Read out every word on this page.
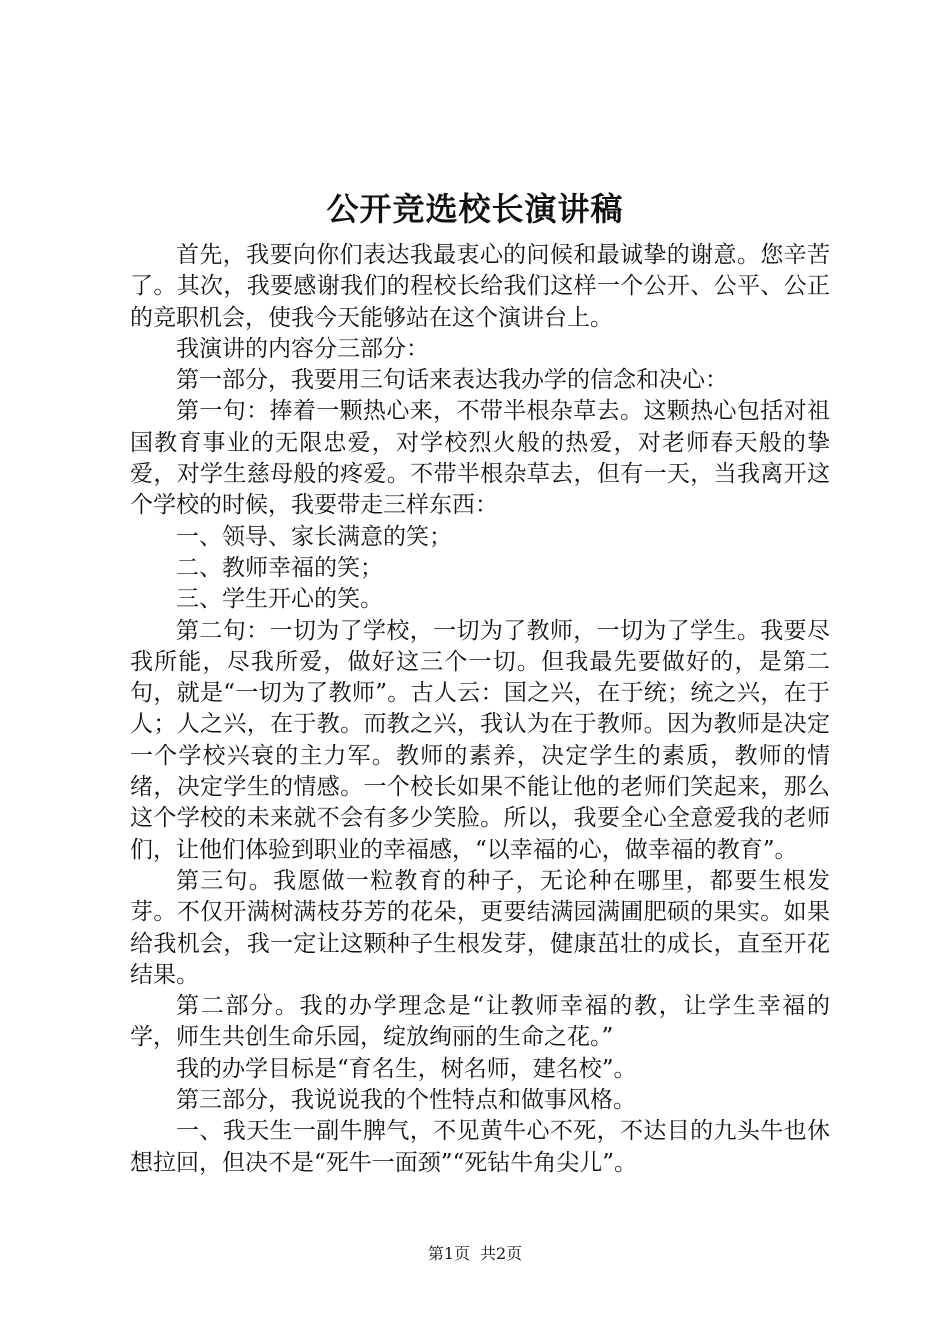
公开竞选校长演讲稿

首先，我要向你们表达我最衷心的问候和最诚挚的谢意。您辛苦了。其次，我要感谢我们的程校长给我们这样一个公开、公平、公正的竞职机会，使我今天能够站在这个演讲台上。

我演讲的内容分三部分：

第一部分，我要用三句话来表达我办学的信念和决心：

第一句：捧着一颗热心来，不带半根杂草去。这颗热心包括对祖国教育事业的无限忠爱，对学校烈火般的热爱，对老师春天般的挚爱，对学生慈母般的疼爱。不带半根杂草去，但有一天，当我离开这个学校的时候，我要带走三样东西：

一、领导、家长满意的笑；

二、教师幸福的笑；

三、学生开心的笑。

第二句：一切为了学校，一切为了教师，一切为了学生。我要尽我所能，尽我所爱，做好这三个一切。但我最先要做好的，是第二句，就是“一切为了教师”。古人云：国之兴，在于统；统之兴，在于人；人之兴，在于教。而教之兴，我认为在于教师。因为教师是决定一个学校兴衰的主力军。教师的素养，决定学生的素质，教师的情绪，决定学生的情感。一个校长如果不能让他的老师们笑起来，那么这个学校的未来就不会有多少笑脸。所以，我要全心全意爱我的老师们，让他们体验到职业的幸福感，“以幸福的心，做幸福的教育”。

第三句。我愿做一粒教育的种子，无论种在哪里，都要生根发芽。不仅开满树满枝芬芳的花朵，更要结满园满圃肥硕的果实。如果给我机会，我一定让这颗种子生根发芽，健康茁壮的成长，直至开花结果。

第二部分。我的办学理念是“让教师幸福的教，让学生幸福的学，师生共创生命乐园，绽放绚丽的生命之花。”

我的办学目标是“育名生，树名师，建名校”。

第三部分，我说说我的个性特点和做事风格。

一、我天生一副牛脾气，不见黄牛心不死，不达目的九头牛也休想拉回，但决不是“死牛一面颈”“死钻牛角尖儿”。

第1页 共2页
